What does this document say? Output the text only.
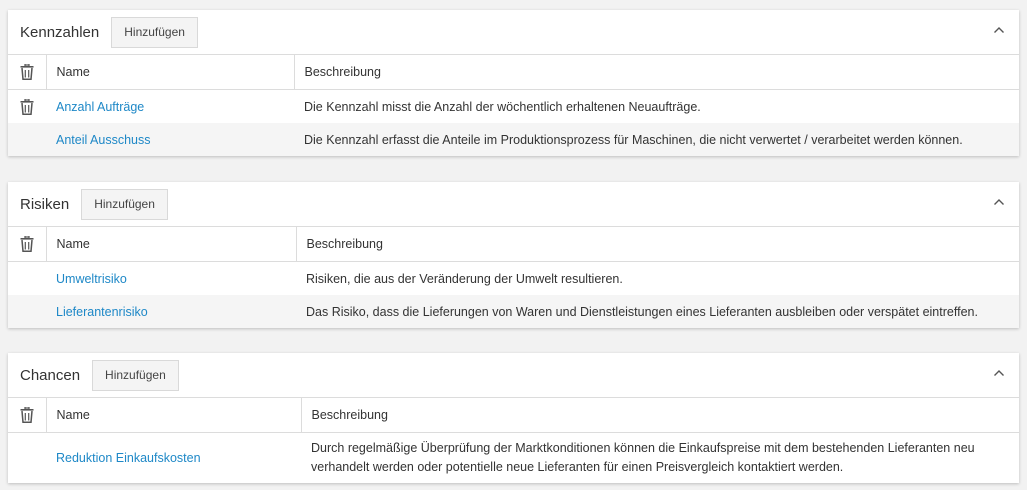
Kennzahlen	Hinzufügen
	Name	Beschreibung
	Anzahl Aufträge	Die Kennzahl misst die Anzahl der wöchentlich erhaltenen Neuaufträge.
	Anteil Ausschuss	Die Kennzahl erfasst die Anteile im Produktionsprozess für Maschinen, die nicht verwertet / verarbeitet werden können.
Risiken	Hinzufügen
	Name	Beschreibung
	Umweltrisiko	Risiken, die aus der Veränderung der Umwelt resultieren.
	Lieferantenrisiko	Das Risiko, dass die Lieferungen von Waren und Dienstleistungen eines Lieferanten ausbleiben oder verspätet eintreffen.
Chancen	Hinzufügen
	Name	Beschreibung
	Reduktion Einkaufskosten	Durch regelmäßige Überprüfung der Marktkonditionen können die Einkaufspreise mit dem bestehenden Lieferanten neu verhandelt werden oder potentielle neue Lieferanten für einen Preisvergleich kontaktiert werden.
